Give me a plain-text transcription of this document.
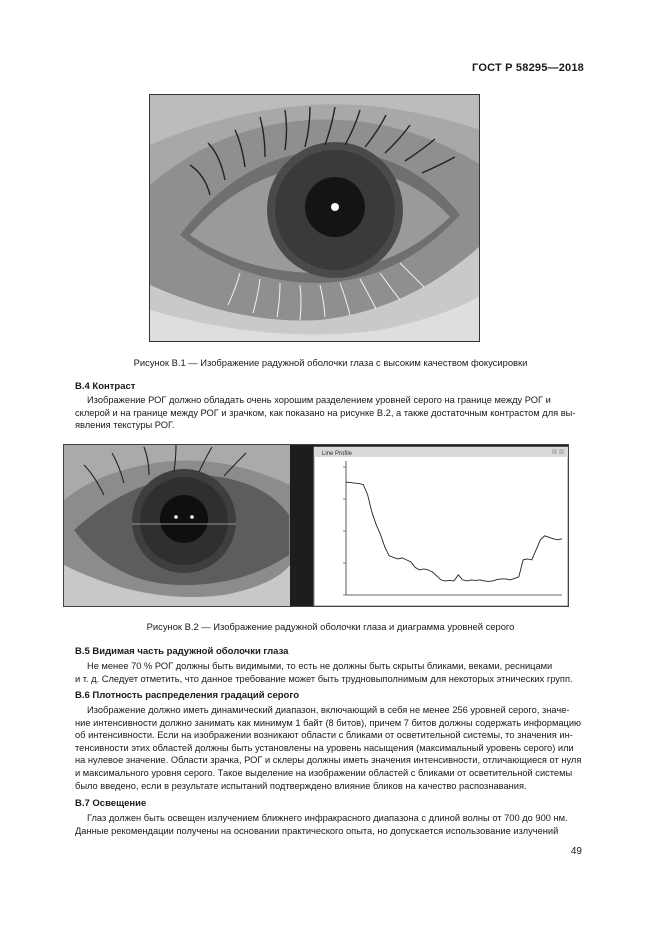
ГОСТ Р 58295—2018
Рисунок В.1 — Изображение радужной оболочки глаза с высоким качеством фокусировки
В.4 Контраст
Изображение РОГ должно обладать очень хорошим разделением уровней серого на границе между РОГ и
склерой и на границе между РОГ и зрачком, как показано на рисунке В.2, а также достаточным контрастом для вы-
явления текстуры РОГ.
Line Profile
Рисунок В.2 — Изображение радужной оболочки глаза и диаграмма уровней серого
В.5 Видимая часть радужной оболочки глаза
Не менее 70 % РОГ должны быть видимыми, то есть не должны быть скрыты бликами, веками, ресницами
и т. д. Следует отметить, что данное требование может быть трудновыполнимым для некоторых этнических групп.
В.6 Плотность распределения градаций серого
Изображение должно иметь динамический диапазон, включающий в себя не менее 256 уровней серого, значе-
ние интенсивности должно занимать как минимум 1 байт (8 битов), причем 7 битов должны содержать информацию
об интенсивности. Если на изображении возникают области с бликами от осветительной системы, то значения ин-
тенсивности этих областей должны быть установлены на уровень насыщения (максимальный уровень серого) или
на нулевое значение. Области зрачка, РОГ и склеры должны иметь значения интенсивности, отличающиеся от нуля
и максимального уровня серого. Такое выделение на изображении областей с бликами от осветительной системы
было введено, если в результате испытаний подтверждено влияние бликов на качество распознавания.
В.7 Освещение
Глаз должен быть освещен излучением ближнего инфракрасного диапазона с длиной волны от 700 до 900 нм.
Данные рекомендации получены на основании практического опыта, но допускается использование излучений
49
